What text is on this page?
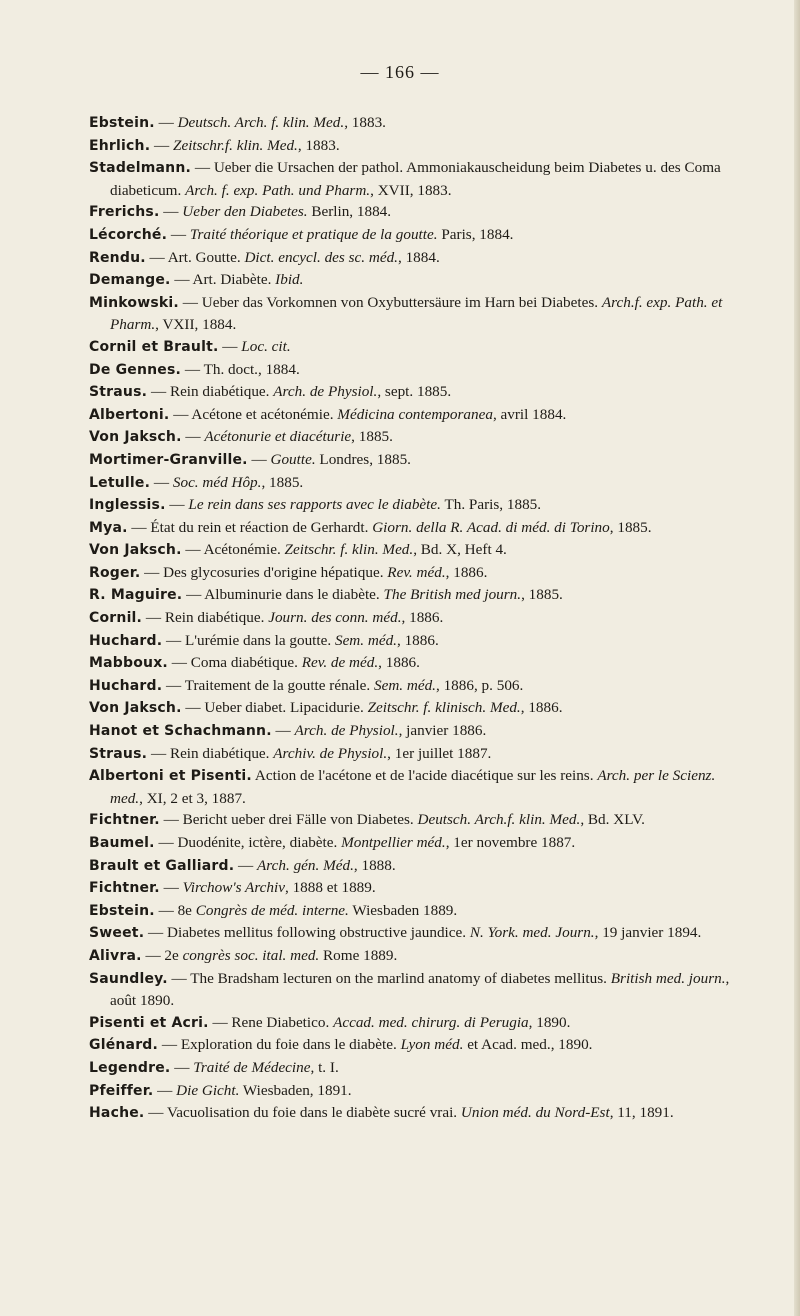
— 166 —
Ebstein. — Deutsch. Arch. f. klin. Med., 1883.
Ehrlich. — Zeitschr.f. klin. Med., 1883.
Stadelmann. — Ueber die Ursachen der pathol. Ammoniakauscheidung beim Diabetes u. des Coma diabeticum. Arch. f. exp. Path. und Pharm., XVII, 1883.
Frerichs. — Ueber den Diabetes. Berlin, 1884.
Lécorché. — Traité théorique et pratique de la goutte. Paris, 1884.
Rendu. — Art. Goutte. Dict. encycl. des sc. méd., 1884.
Demange. — Art. Diabète. Ibid.
Minkowski. — Ueber das Vorkomnen von Oxybuttersäure im Harn bei Diabetes. Arch.f. exp. Path. et Pharm., VXII, 1884.
Cornil et Brault. — Loc. cit.
De Gennes. — Th. doct., 1884.
Straus. — Rein diabétique. Arch. de Physiol., sept. 1885.
Albertoni. — Acétone et acétonémie. Médicina contemporanea, avril 1884.
Von Jaksch. — Acétonurie et diacéturie, 1885.
Mortimer-Granville. — Goutte. Londres, 1885.
Letulle. — Soc. méd Hôp., 1885.
Inglessis. — Le rein dans ses rapports avec le diabète. Th. Paris, 1885.
Mya. — État du rein et réaction de Gerhardt. Giorn. della R. Acad. di méd. di Torino, 1885.
Von Jaksch. — Acétonémie. Zeitschr. f. klin. Med., Bd. X, Heft 4.
Roger. — Des glycosuries d'origine hépatique. Rev. méd., 1886.
R. Maguire. — Albuminurie dans le diabète. The British med journ., 1885.
Cornil. — Rein diabétique. Journ. des conn. méd., 1886.
Huchard. — L'urémie dans la goutte. Sem. méd., 1886.
Mabboux. — Coma diabétique. Rev. de méd., 1886.
Huchard. — Traitement de la goutte rénale. Sem. méd., 1886, p. 506.
Von Jaksch. — Ueber diabet. Lipacidurie. Zeitschr. f. klinisch. Med., 1886.
Hanot et Schachmann. — Arch. de Physiol., janvier 1886.
Straus. — Rein diabétique. Archiv. de Physiol., 1er juillet 1887.
Albertoni et Pisenti. Action de l'acétone et de l'acide diacétique sur les reins. Arch. per le Scienz. med., XI, 2 et 3, 1887.
Fichtner. — Bericht ueber drei Fälle von Diabetes. Deutsch. Arch.f. klin. Med., Bd. XLV.
Baumel. — Duodénite, ictère, diabète. Montpellier méd., 1er novembre 1887.
Brault et Galliard. — Arch. gén. Méd., 1888.
Fichtner. — Virchow's Archiv, 1888 et 1889.
Ebstein. — 8e Congrès de méd. interne. Wiesbaden 1889.
Sweet. — Diabetes mellitus following obstructive jaundice. N. York. med. Journ., 19 janvier 1894.
Alivra. — 2e congrès soc. ital. med. Rome 1889.
Saundley. — The Bradsham lecturen on the marlind anatomy of diabetes mellitus. British med. journ., août 1890.
Pisenti et Acri. — Rene Diabetico. Accad. med. chirurg. di Perugia, 1890.
Glénard. — Exploration du foie dans le diabète. Lyon méd. et Acad. med., 1890.
Legendre. — Traité de Médecine, t. I.
Pfeiffer. — Die Gicht. Wiesbaden, 1891.
Hache. — Vacuolisation du foie dans le diabète sucré vrai. Union méd. du Nord-Est, 11, 1891.
